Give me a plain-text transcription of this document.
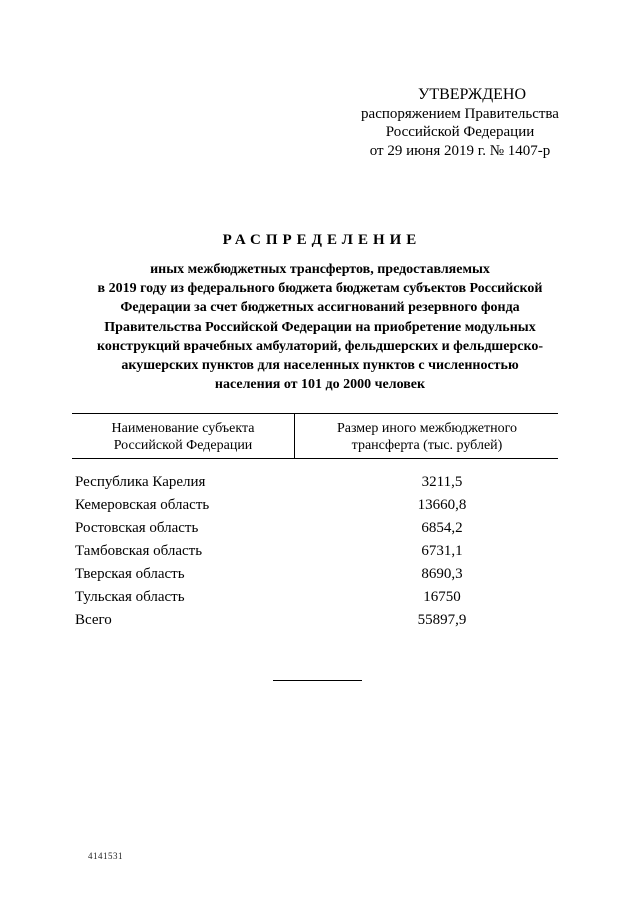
УТВЕРЖДЕНО
распоряжением Правительства
Российской Федерации
от 29 июня 2019 г. № 1407-р
РАСПРЕДЕЛЕНИЕ
иных межбюджетных трансфертов, предоставляемых
в 2019 году из федерального бюджета бюджетам субъектов Российской
Федерации за счет бюджетных ассигнований резервного фонда
Правительства Российской Федерации на приобретение модульных
конструкций врачебных амбулаторий, фельдшерских и фельдшерско-
акушерских пунктов для населенных пунктов с численностью
населения от 101 до 2000 человек
Наименование субъекта
Российской Федерации
Размер иного межбюджетного
трансферта (тыс. рублей)
Республика Карелия	3211,5
Кемеровская область	13660,8
Ростовская область	6854,2
Тамбовская область	6731,1
Тверская область	8690,3
Тульская область	16750
Всего	55897,9
4141531
